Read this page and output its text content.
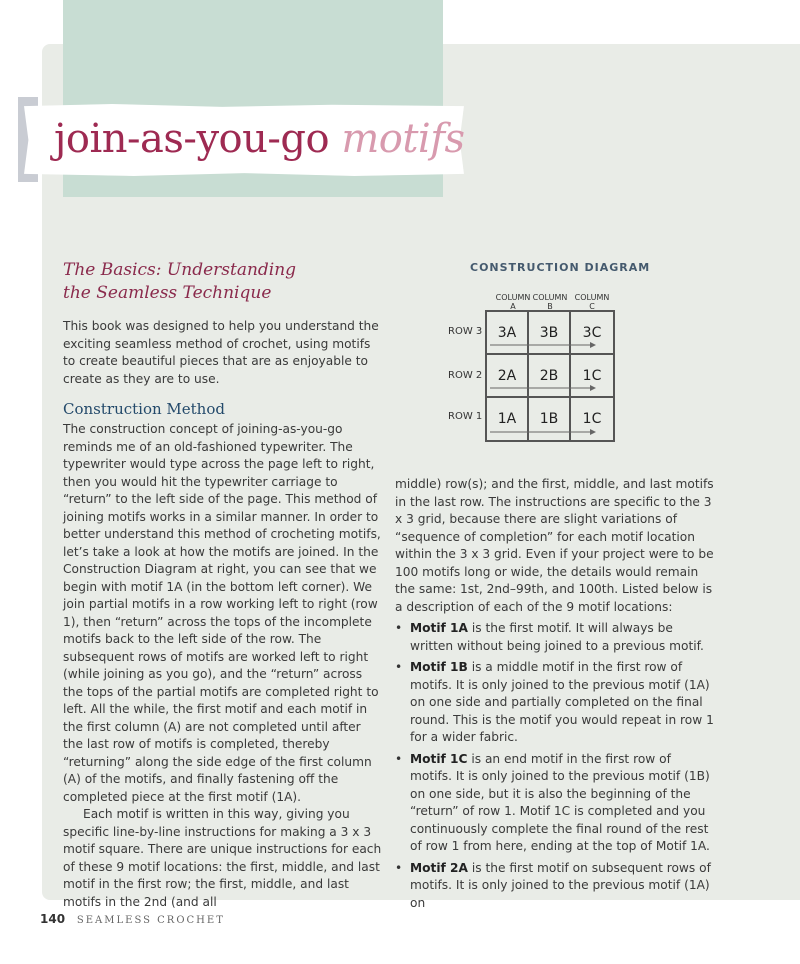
join-as-you-go motifs
The Basics: Understanding
the Seamless Technique
This book was designed to help you understand the exciting seamless method of crochet, using motifs to create beautiful pieces that are as enjoyable to create as they are to use.
Construction Method

The construction concept of joining-as-you-go reminds me of an old-fashioned typewriter. The typewriter would type across the page left to right, then you would hit the typewriter carriage to “return” to the left side of the page. This method of joining motifs works in a similar manner. In order to better understand this method of crocheting motifs, let’s take a look at how the motifs are joined. In the Construction Diagram at right, you can see that we begin with motif 1A (in the bottom left corner). We join partial motifs in a row working left to right (row 1), then “return” across the tops of the incomplete motifs back to the left side of the row. The subsequent rows of motifs are worked left to right (while joining as you go), and the “return” across the tops of the partial motifs are completed right to left. All the while, the first motif and each motif in the first column (A) are not completed until after the last row of motifs is completed, thereby “returning” along the side edge of the first column (A) of the motifs, and finally fastening off the completed piece at the first motif (1A).

Each motif is written in this way, giving you specific line-by-line instructions for making a 3 x 3 motif square. There are unique instructions for each of these 9 motif locations: the first, middle, and last motif in the first row; the first, middle, and last motifs in the 2nd (and all

CONSTRUCTION DIAGRAM
COLUMN
A
COLUMN
B
COLUMN
C
ROW 3
ROW 2
ROW 1
3A	3B	3C
2A	2B	1C
1A	1B	1C

middle) row(s); and the first, middle, and last motifs in the last row. The instructions are specific to the 3 x 3 grid, because there are slight variations of “sequence of completion” for each motif location within the 3 x 3 grid. Even if your project were to be 100 motifs long or wide, the details would remain the same: 1st, 2nd–99th, and 100th. Listed below is a description of each of the 9 motif locations:

• Motif 1A is the first motif. It will always be written without being joined to a previous motif.
• Motif 1B is a middle motif in the first row of motifs. It is only joined to the previous motif (1A) on one side and partially completed on the final round. This is the motif you would repeat in row 1 for a wider fabric.
• Motif 1C is an end motif in the first row of motifs. It is only joined to the previous motif (1B) on one side, but it is also the beginning of the “return” of row 1. Motif 1C is completed and you continuously complete the final round of the rest of row 1 from here, ending at the top of Motif 1A.
• Motif 2A is the first motif on subsequent rows of motifs. It is only joined to the previous motif (1A) on
140 SEAMLESS CROCHET
